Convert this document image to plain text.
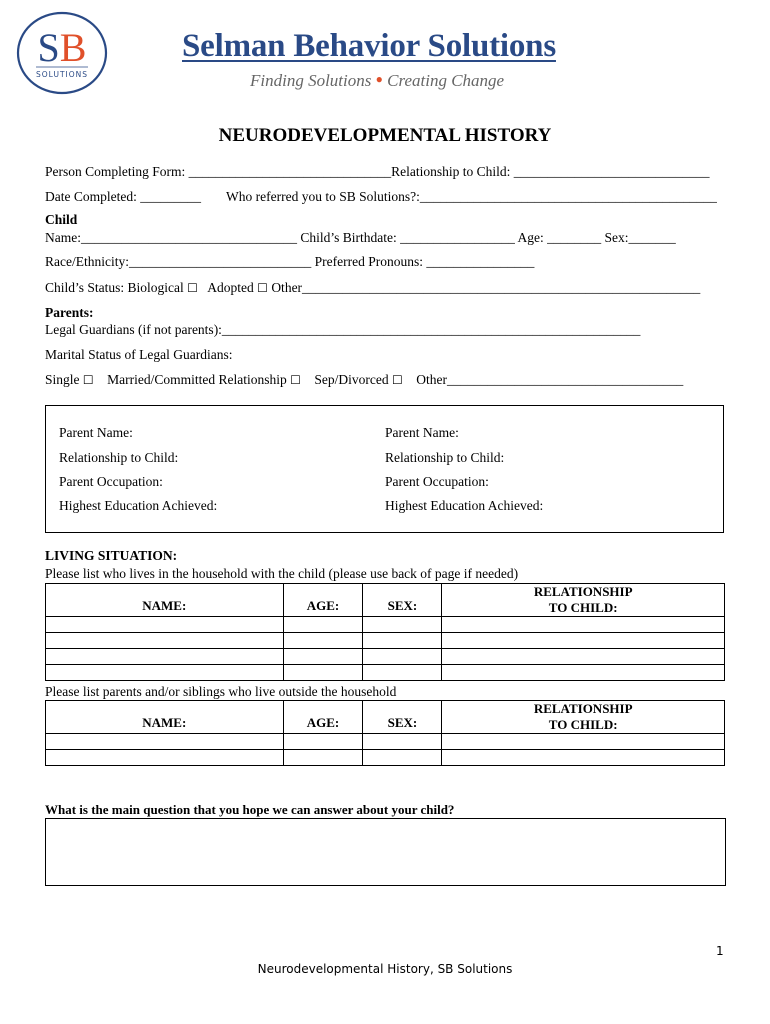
SB
SOLUTIONS
Selman Behavior Solutions
Finding Solutions ● Creating Change
NEURODEVELOPMENTAL HISTORY
Person Completing Form: ______________________________Relationship to Child: _____________________________
Date Completed: _________ Who referred you to SB Solutions?:____________________________________________
Child
Name:________________________________ Child’s Birthdate: _________________ Age: ________ Sex:_______
Race/Ethnicity:___________________________ Preferred Pronouns: ________________
Child’s Status: Biological ☐ Adopted ☐ Other___________________________________________________________
Parents:
Legal Guardians (if not parents):______________________________________________________________
Marital Status of Legal Guardians:
Single ☐ Married/Committed Relationship ☐ Sep/Divorced ☐ Other___________________________________
Parent Name:
Relationship to Child:
Parent Occupation:
Highest Education Achieved:
Parent Name:
Relationship to Child:
Parent Occupation:
Highest Education Achieved:
LIVING SITUATION:
Please list who lives in the household with the child (please use back of page if needed)
NAME:	AGE:	SEX:	RELATIONSHIP
TO CHILD:

Please list parents and/or siblings who live outside the household
NAME:	AGE:	SEX:	RELATIONSHIP
TO CHILD:

What is the main question that you hope we can answer about your child?
1
Neurodevelopmental History, SB Solutions
